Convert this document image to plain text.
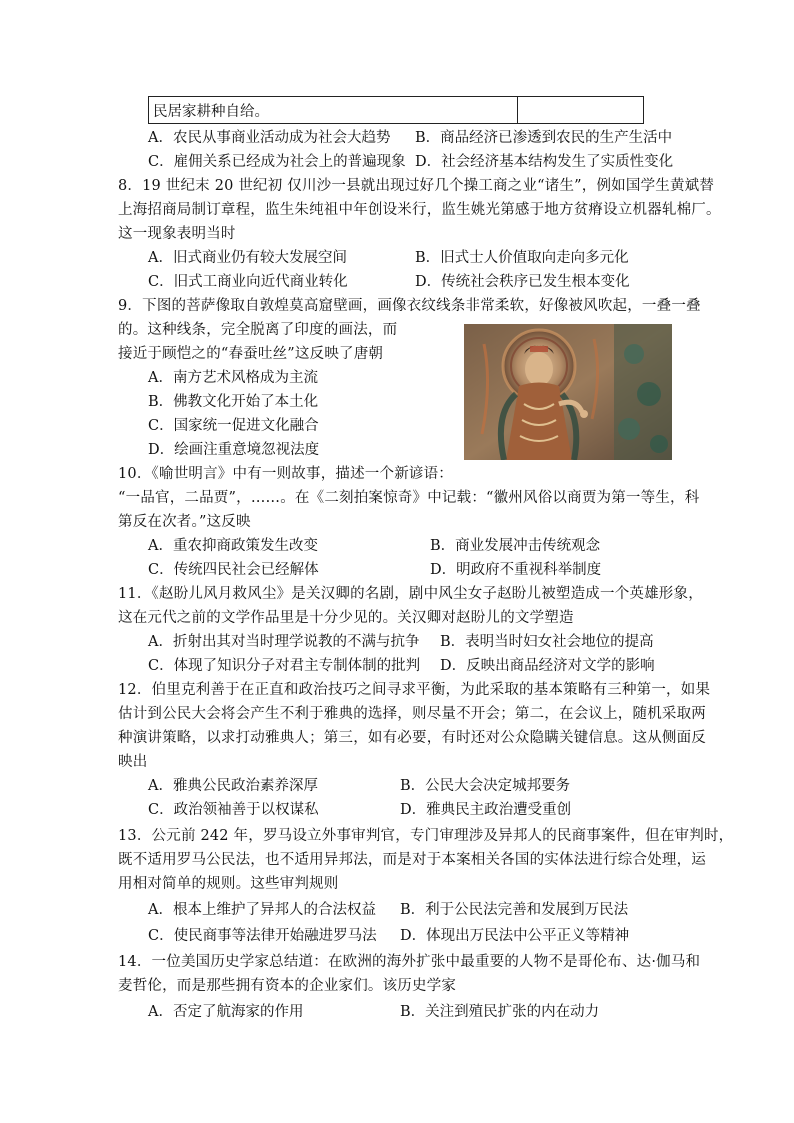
民居家耕种自给。	
A．农民从事商业活动成为社会大趋势 B．商品经济已渗透到农民的生产生活中
C．雇佣关系已经成为社会上的普遍现象 D．社会经济基本结构发生了实质性变化
8．19 世纪末 20 世纪初 仅川沙一县就出现过好几个操工商之业“诸生”，例如国学生黄斌替
上海招商局制订章程，监生朱纯祖中年创设米行，监生姚光第感于地方贫瘠设立机器轧棉厂。
这一现象表明当时
A．旧式商业仍有较大发展空间	B．旧式士人价值取向走向多元化
C．旧式工商业向近代商业转化	D．传统社会秩序已发生根本变化
9．下图的菩萨像取自敦煌莫高窟壁画，画像衣纹线条非常柔软，好像被风吹起，一叠一叠
的。这种线条，完全脱离了印度的画法，而
接近于顾恺之的“春蚕吐丝”这反映了唐朝
A．南方艺术风格成为主流
B．佛教文化开始了本土化
C．国家统一促进文化融合
D．绘画注重意境忽视法度
10．《喻世明言》中有一则故事，描述一个新谚语：
“一品官，二品贾”，……。在《二刻拍案惊奇》中记载：“徽州风俗以商贾为第一等生，科
第反在次者。”这反映
A．重农抑商政策发生改变	B．商业发展冲击传统观念
C．传统四民社会已经解体	D．明政府不重视科举制度
11．《赵盼儿风月救风尘》是关汉卿的名剧，剧中风尘女子赵盼儿被塑造成一个英雄形象，
这在元代之前的文学作品里是十分少见的。关汉卿对赵盼儿的文学塑造
A．折射出其对当时理学说教的不满与抗争 B．表明当时妇女社会地位的提高
C．体现了知识分子对君主专制体制的批判 D．反映出商品经济对文学的影响
12．伯里克利善于在正直和政治技巧之间寻求平衡，为此采取的基本策略有三种第一，如果
估计到公民大会将会产生不利于雅典的选择，则尽量不开会；第二，在会议上，随机采取两
种演讲策略，以求打动雅典人；第三，如有必要，有时还对公众隐瞒关键信息。这从侧面反
映出
A．雅典公民政治素养深厚	B．公民大会决定城邦要务
C．政治领袖善于以权谋私	D．雅典民主政治遭受重创
13．公元前 242 年，罗马设立外事审判官，专门审理涉及异邦人的民商事案件，但在审判时，
既不适用罗马公民法，也不适用异邦法，而是对于本案相关各国的实体法进行综合处理，运
用相对简单的规则。这些审判规则
A．根本上维护了异邦人的合法权益 B．利于公民法完善和发展到万民法
C．使民商事等法律开始融进罗马法 D．体现出万民法中公平正义等精神
14．一位美国历史学家总结道：在欧洲的海外扩张中最重要的人物不是哥伦布、达·伽马和
麦哲伦，而是那些拥有资本的企业家们。该历史学家
A．否定了航海家的作用	B．关注到殖民扩张的内在动力
